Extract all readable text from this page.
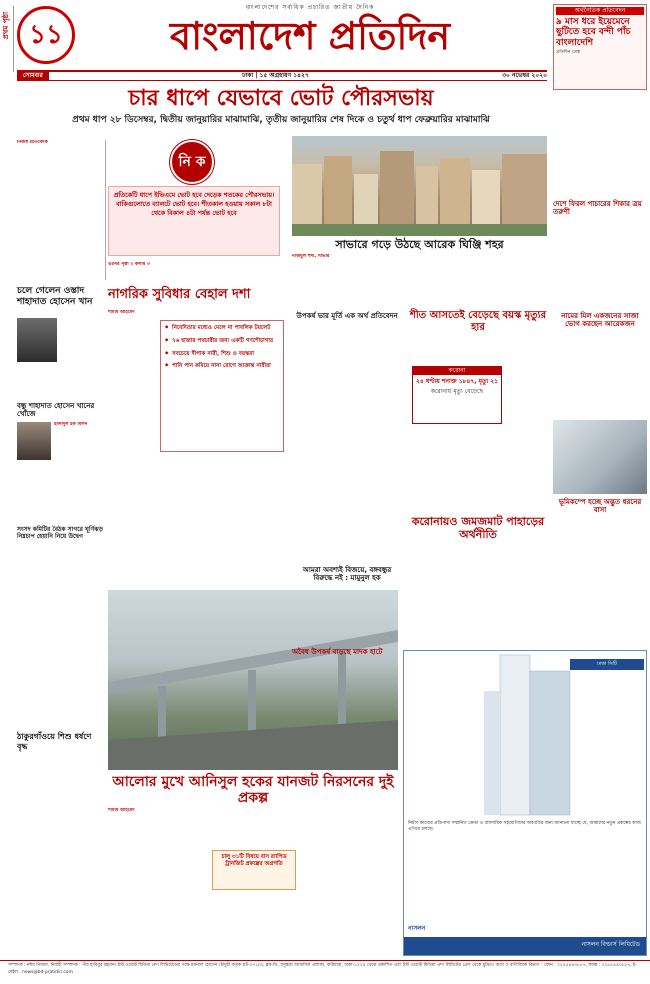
প্রথম পৃষ্ঠা ১১
বাংলাদেশের সর্বাধিক প্রচারিত জাতীয় দৈনিক
বাংলাদেশ প্রতিদিন
অর্থনৈতিক প্রতিবেদন
৯ মাস ধরে ইয়েমেনে ছুটিতে হবে বন্দী পাঁচ বাংলাদেশি
প্রতিদিন ডেস্ক
সোমবার	ঢাকা | ১৫ অগ্রহায়ণ ১৪২৭	৩০ নভেম্বর ২০২০
চার ধাপে যেভাবে ভোট পৌরসভায়
প্রথম ধাপ ২৮ ডিসেম্বর, দ্বিতীয় জানুয়ারির মাঝামাঝি, তৃতীয় জানুয়ারির শেষ দিকে ও চতুর্থ ধাপ ফেব্রুয়ারির মাঝামাঝি
নিজস্ব প্রতিবেদক
নি ক
প্রতিকেটি ধাপে ইভিএমে ভোট হবে দেড়েক শতকের পৌরসভায়। বাকিগুলোতে ব্যালটে ভোট হবে। শীতকাল হওয়ায় সকাল ৮টা থেকে বিকাল ৪টা পর্যন্ত ভোট হবে
এরপর পৃষ্ঠা ২ কলাম ৩
সাভারে গড়ে উঠছে আরেক ঘিঞ্জি শহর
নাজমুল হুদা, সাভার
দেশে ফিরল পাচারের শিকার ত্রয় তরুণী
নামের মিল একজনের সাজা ভোগ করছেন আরেকজন
ভূমিকম্পে হচ্ছে অদ্ভুত ধরনের বাসা
চলে গেলেন ওস্তাদ শাহাদাত হোসেন খান
বন্ধু শাহাদাত হোসেন খানের খোঁজে
ইমদাদুল হক মিলন
সংসদ কমিটির বৈঠক সাগরে ঘূর্ণিঝড় নিম্নচাপ হেয়ানি নিয়ে উদ্বেগ
ঠাকুরগাঁওয়ে শিশু ধর্ষণে বৃদ্ধ
নাগরিক সুবিধার বেহাল দশা
শামীম আহমেদ
◆ নিবেদিতার মধ্যেও মেলে না পাবলিক টয়লেট
◆ ৭৬ হাজার পথচারীর জন্য একটি গণশৌচাগার
◆ সবচেয়ে দীপাক নারী, শিশু ও বয়স্করা
◆ পানি পান কমিয়ে নানা রোগে আক্রান্ত নারীরা
উপকর্ষ ভার মূর্তি এক অর্থ প্রতিবেদন	শীত আসতেই বেড়েছে বয়স্ক মৃত্যুর হার
করোনা
২৪ ঘণ্টায় শনাক্ত ১৮৪৭, মৃত্যু ২১
করোনায় মৃত্যু বেড়েছে
আমরা অবশ্যই বিজয়ে, বঙ্গবন্ধুর বিরুদ্ধে নই : মামুনুল হক
করোনায়ও জমজমাট পাহাড়ের অর্থনীতি
আলোর মুখে আনিসুল হকের যানজট নিরসনের দুই প্রকল্প
শামীম আহমেদ
চালু ৩১টি বিষয়ে বাস র‍্যাপিড ট্রানজিট প্রকল্পের অগ্রগতি
অবৈধ উপকর্ষ বাড়ছে মাদক হাটে
ঢাকা সিটি
নির্মাণ কাজের প্রতিপাদ্য সম্মানিত ক্রেতা ও ব্যবসায়িক সহযোগিদের অবগতির জন্য জানানো যাচ্ছে যে, আমাদের নতুন প্রকল্পের কাজ এগিয়ে চলছে।
নাসলন
নাসলন বিল্ডার্স লিমিটেড
সম্পাদক : নঈম নিজাম, নির্বাহী সম্পাদক : পীর হাবিবুর রহমান। ইস্ট ওয়েস্ট মিডিয়া গ্রুপ লিমিটেডের পক্ষে ময়নাল হোসেন চৌধুরী কর্তৃক প্লট-৩৭১/এ, ব্লক-ডি, বসুন্ধরা আবাসিক এলাকা, বারিধারা, ঢাকা-১২২৯ থেকে প্রকাশিত এবং ইস্ট ওয়েস্ট মিডিয়া গ্রুপ লিমিটেড প্রেস থেকে মুদ্রিত। বার্তা ও বাণিজ্যিক বিভাগ : ফোন : ০২৫৫৪৬৩৮৮৭, ফ্যাক্স : ০২৫৫৪৬৩৮৮৭, ই-মেইল : news@bd-pratidin.com
